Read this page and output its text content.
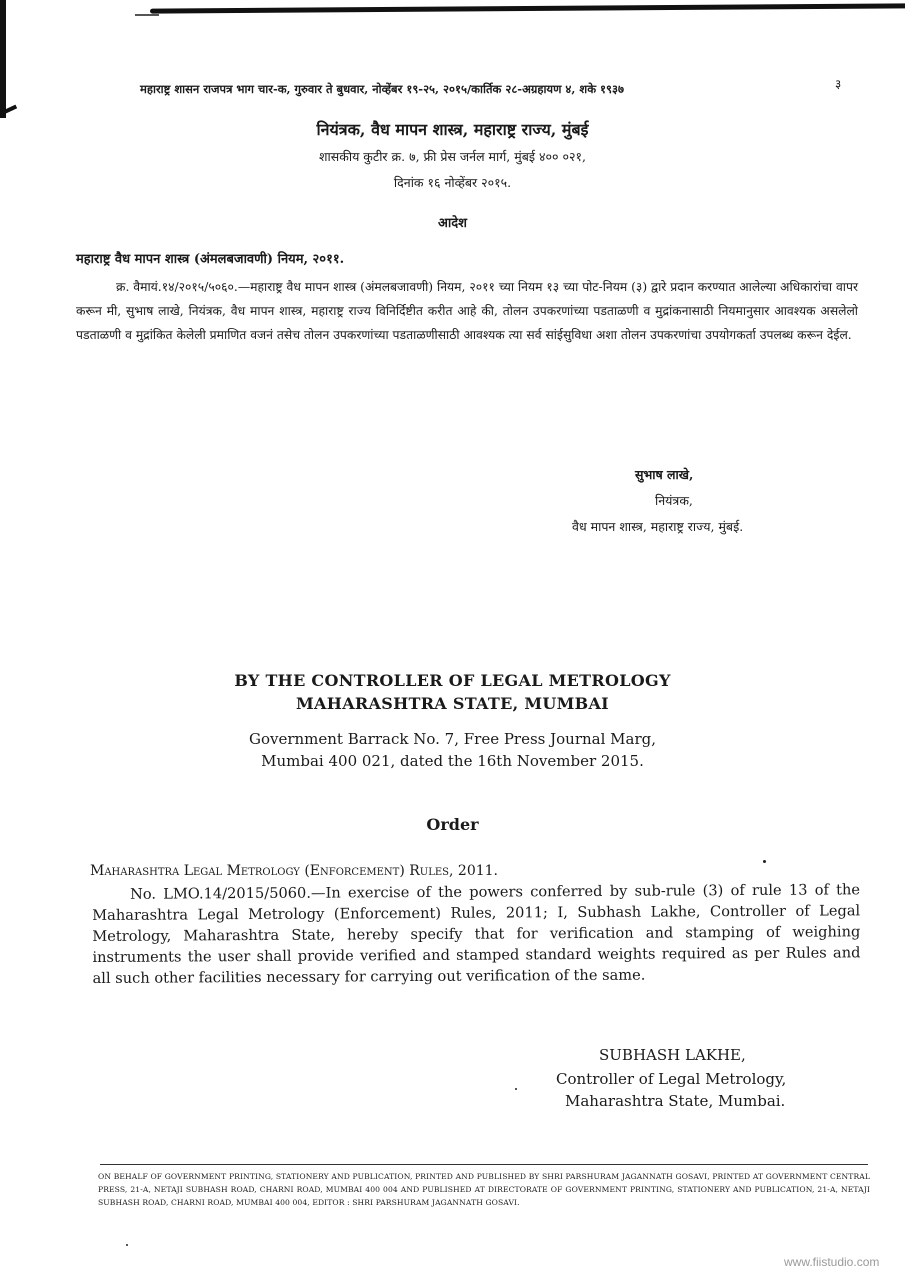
महाराष्ट्र शासन राजपत्र भाग चार-क, गुरुवार ते बुधवार, नोव्हेंबर १९-२५, २०१५/कार्तिक २८-अग्रहायण ४, शके १९३७	३
नियंत्रक, वैध मापन शास्त्र, महाराष्ट्र राज्य, मुंबई
शासकीय कुटीर क्र. ७, फ्री प्रेस जर्नल मार्ग, मुंबई ४०० ०२१,
दिनांक १६ नोव्हेंबर २०१५.
आदेश
महाराष्ट्र वैध मापन शास्त्र (अंमलबजावणी) नियम, २०११.
क्र. वैमायं.१४/२०१५/५०६०.—महाराष्ट्र वैध मापन शास्त्र (अंमलबजावणी) नियम, २०११ च्या नियम १३ च्या पोट-नियम (३) द्वारे प्रदान करण्यात आलेल्या अधिकारांचा वापर करून मी, सुभाष लाखे, नियंत्रक, वैध मापन शास्त्र, महाराष्ट्र राज्य विनिर्दिष्टीत करीत आहे की, तोलन उपकरणांच्या पडताळणी व मुद्रांकनासाठी नियमानुसार आवश्यक असलेलो पडताळणी व मुद्रांकित केलेली प्रमाणित वजनं तसेच तोलन उपकरणांच्या पडताळणीसाठी आवश्यक त्या सर्व सांईसुविधा अशा तोलन उपकरणांचा उपयोगकर्ता उपलब्ध करून देईल.
सुभाष लाखे,
नियंत्रक,
वैध मापन शास्त्र, महाराष्ट्र राज्य, मुंबई.
BY THE CONTROLLER OF LEGAL METROLOGY
MAHARASHTRA STATE, MUMBAI
Government Barrack No. 7, Free Press Journal Marg,
Mumbai 400 021, dated the 16th November 2015.
Order
Maharashtra Legal Metrology (Enforcement) Rules, 2011.
No. LMO.14/2015/5060.—In exercise of the powers conferred by sub-rule (3) of rule 13 of the Maharashtra Legal Metrology (Enforcement) Rules, 2011; I, Subhash Lakhe, Controller of Legal Metrology, Maharashtra State, hereby specify that for verification and stamping of weighing instruments the user shall provide verified and stamped standard weights required as per Rules and all such other facilities necessary for carrying out verification of the same.
SUBHASH LAKHE,
Controller of Legal Metrology,
Maharashtra State, Mumbai.
ON BEHALF OF GOVERNMENT PRINTING, STATIONERY AND PUBLICATION, PRINTED AND PUBLISHED BY SHRI PARSHURAM JAGANNATH GOSAVI, PRINTED AT GOVERNMENT CENTRAL PRESS, 21-A, NETAJI SUBHASH ROAD, CHARNI ROAD, MUMBAI 400 004 AND PUBLISHED AT DIRECTORATE OF GOVERNMENT PRINTING, STATIONERY AND PUBLICATION, 21-A, NETAJI SUBHASH ROAD, CHARNI ROAD, MUMBAI 400 004, EDITOR : SHRI PARSHURAM JAGANNATH GOSAVI.
www.fiistudio.com
